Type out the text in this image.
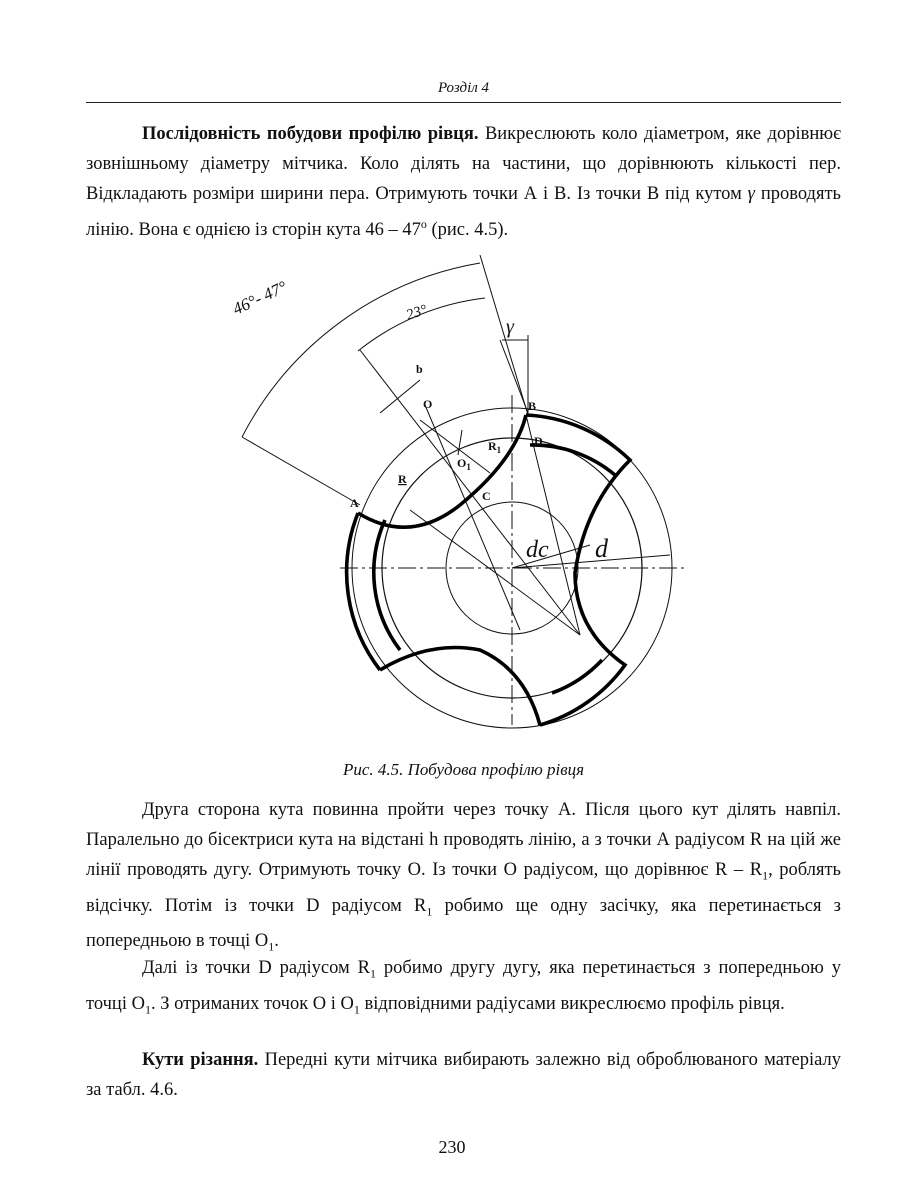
Розділ 4

Послідовність побудови профілю рівця. Викреслюють коло діаметром, яке дорівнює зовнішньому діаметру мітчика. Коло ділять на частини, що дорівнюють кількості пер. Відкладають розміри ширини пера. Отримують точки А і В. Із точки В під кутом γ проводять лінію. Вона є однією із сторін кута $46 - 47^о$ (рис. 4.5).

46°- 47°	23°
γ
b
O
$O_1$
$R_1$
B
D
R
C
A
dc d
Рис. 4.5. Побудова профілю рівця

Друга сторона кута повинна пройти через точку А. Після цього кут ділять навпіл. Паралельно до бісектриси кута на відстані h проводять лінію, а з точки А радіусом R на цій же лінії проводять дугу. Отримують точку О. Із точки О радіусом, що дорівнює R – $R_1$, роблять відсічку. Потім із точки D радіусом $R_1$ робимо ще одну засічку, яка перетинається з попередньою в точці $О_1$.

Далі із точки D радіусом $R_1$ робимо другу дугу, яка перетинається з попередньою у точці $О_1$. З отриманих точок О і $О_1$ відповідними радіусами викреслюємо профіль рівця.

Кути різання. Передні кути мітчика вибирають залежно від оброблюваного матеріалу за табл. 4.6.

230
